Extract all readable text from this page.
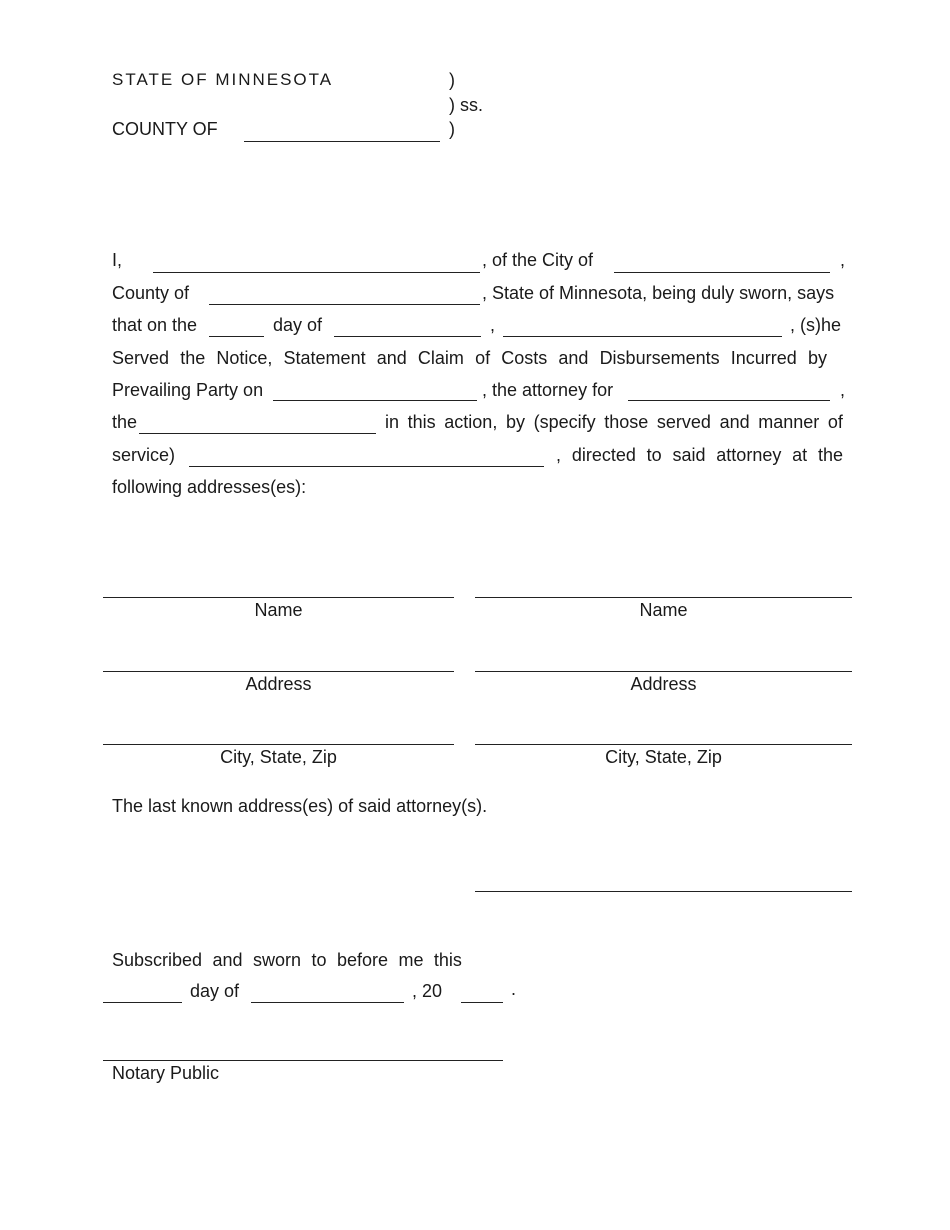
STATE OF MINNESOTA	)
) ss.
COUNTY OF	)
I,	, of the City of	,
County of	, State of Minnesota, being duly sworn, says
that on the	day of	,	, (s)he
Served the Notice, Statement and Claim of Costs and Disbursements Incurred by
Prevailing Party on	, the attorney for	,
the	in this action, by (specify those served and manner of
service)	, directed to said attorney at the
following addresses(es):
Name
Address
City, State, Zip
Name
Address
City, State, Zip
The last known address(es) of said attorney(s).
Subscribed and sworn to before me this
day of	, 20	.
Notary Public
